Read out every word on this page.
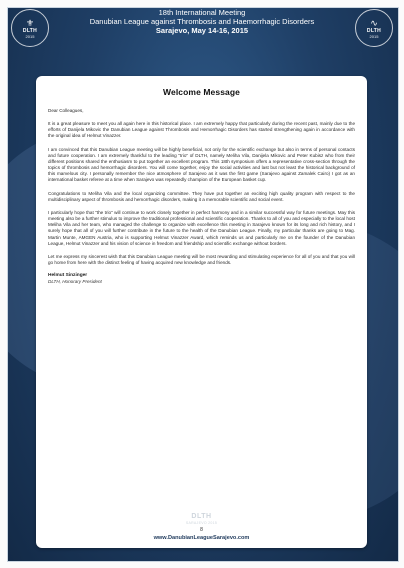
⚜
DLTH
2015
∿
DLTH
2015
18th International Meeting
Danubian League against Thrombosis and Haemorrhagic Disorders
Sarajevo, May 14-16, 2015
Welcome Message

Dear Colleagues,

It is a great pleasure to meet you all again here in this historical place. I am extremely happy that particularly during the recent past, mainly due to the efforts of Danijela Mikovic the Danubian League against Thrombosis and Hemorrhagic Disorders has started strengthening again in accordance with the original idea of Helmut Vinazzer.

I am convinced that this Danubian League meeting will be highly beneficial, not only for the scientific exchange but also in terms of personal contacts and future cooperation. I am extremely thankful to the leading "trio" of DLTH, namely Meliha Vila, Danijela Mikovic and Peter Kubisz who from their different positions shared the enthusiasm to put together an excellent program. This 18th symposium offers a representative cross-section through the topics of thrombosis and hemorrhagic disorders. You will come together, enjoy the social activities and last but not least the historical background of this marvelous city. I personally remember the nice atmosphere of Sarajevo as it was the first game (Sarajevo against Zamalek Cairo) I got as an international basket referee at a time when Sarajevo was repeatedly champion of the European basket cup.

Congratulations to Meliha Vila and the local organizing committee. They have put together an exciting high quality program with respect to the multidisciplinary aspect of thrombosis and hemorrhagic disorders, making it a memorable scientific and social event.

I particularly hope that "the trio" will continue to work closely together in perfect harmony and in a similar successful way for future meetings. May this meeting also be a further stimulus to improve the traditional professional and scientific cooperation. Thanks to all of you and especially to the local host Meliha Vila and her team, who managed the challenge to organize with excellence this meeting in Sarajevo known for its long and rich history, and I surely hope that all of you will further contribute in the future to the health of the Danubian League. Finally, my particular thanks are going to Mag. Martin Munte, AMGEN Austria, who is supporting Helmut Vinazzer Award, which reminds us and particularly me on the founder of the Danubian League, Helmut Vinazzer and his vision of science in freedom and friendship and scientific exchange without borders.

Let me express my sincerest wish that this Danubian League meeting will be most rewarding and stimulating experience for all of you and that you will go home from here with the distinct feeling of having acquired new knowledge and friends.

Helmut Sinzinger
DLTH, Honorary President
DLTH
SARAJEVO 2015
8
www.DanubianLeagueSarajevo.com
